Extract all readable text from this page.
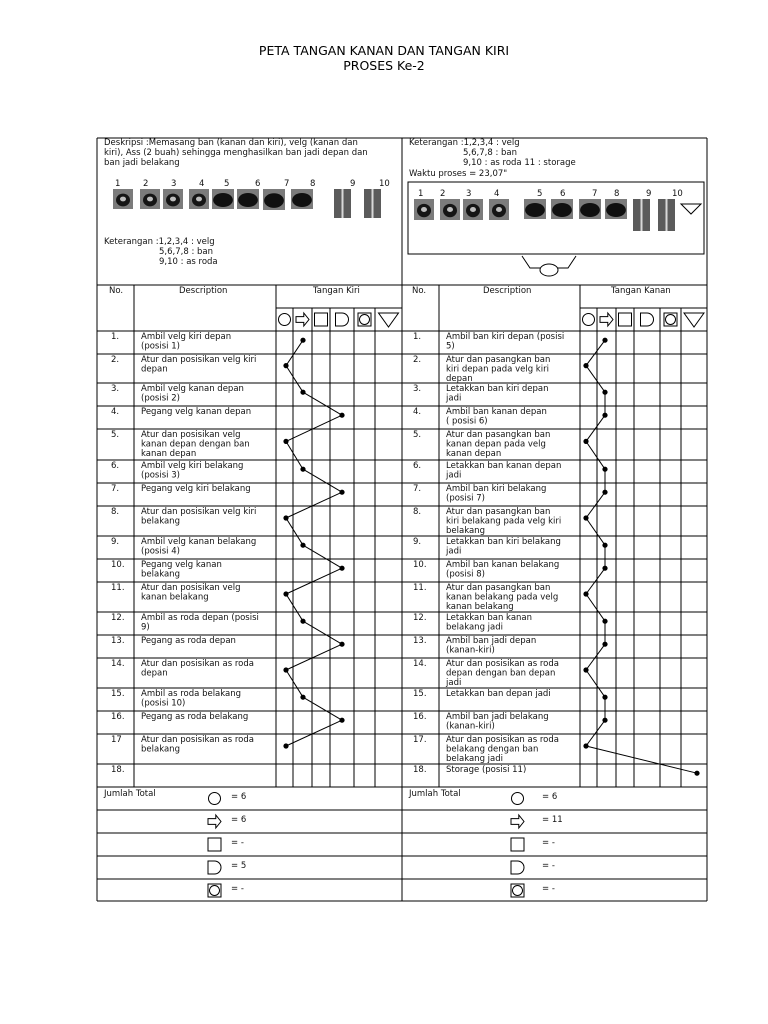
PETA TANGAN KANAN DAN TANGAN KIRI
PROSES Ke-2
Deskripsi :Memasang ban (kanan dan kiri), velg (kanan dan
kiri), Ass (2 buah) sehingga menghasilkan ban jadi depan dan
ban jadi belakang
1	2	3	4 5	6	7 8	9	10
Keterangan :1,2,3,4 : velg
5,6,7,8 : ban
9,10 : as roda
Keterangan :1,2,3,4 : velg
5,6,7,8 : ban
9,10 : as roda 11 : storage
Waktu proses = 23,07"
1 2 3	4	5 6	7 8	9 10
No.	Description	Tangan Kiri
1.	Ambil velg kiri depan
(posisi 1)
2.	Atur dan posisikan velg kiri
depan
3.	Ambil velg kanan depan
(posisi 2)
4.	Pegang velg kanan depan
5.	Atur dan posisikan velg
kanan depan dengan ban
kanan depan
6.	Ambil velg kiri belakang
(posisi 3)
7.	Pegang velg kiri belakang
8.	Atur dan posisikan velg kiri
belakang
9.	Ambil velg kanan belakang
(posisi 4)
10. Pegang velg kanan
belakang
11. Atur dan posisikan velg
kanan belakang
12. Ambil as roda depan (posisi
9)
13. Pegang as roda depan
14. Atur dan posisikan as roda
depan
15. Ambil as roda belakang
(posisi 10)
16. Pegang as roda belakang
17 Atur dan posisikan as roda
belakang
18.
No.	Description	Tangan Kanan
1.	Ambil ban kiri depan (posisi
5)
2.	Atur dan pasangkan ban
kiri depan pada velg kiri
depan
3.	Letakkan ban kiri depan
jadi
4.	Ambil ban kanan depan
( posisi 6)
5.	Atur dan pasangkan ban
kanan depan pada velg
kanan depan
6.	Letakkan ban kanan depan
jadi
7.	Ambil ban kiri belakang
(posisi 7)
8.	Atur dan pasangkan ban
kiri belakang pada velg kiri
belakang
9.	Letakkan ban kiri belakang
jadi
10. Ambil ban kanan belakang
(posisi 8)
11. Atur dan pasangkan ban
kanan belakang pada velg
kanan belakang
12. Letakkan ban kanan
belakang jadi
13. Ambil ban jadi depan
(kanan-kiri)
14. Atur dan posisikan as roda
depan dengan ban depan
jadi
15. Letakkan ban depan jadi
16. Ambil ban jadi belakang
(kanan-kiri)
17. Atur dan posisikan as roda
belakang dengan ban
belakang jadi
18. Storage (posisi 11)
Jumlah Total	Jumlah Total
= 6	= 6
= 6	= 11
= -	= -
= 5	= -
= -	= -
